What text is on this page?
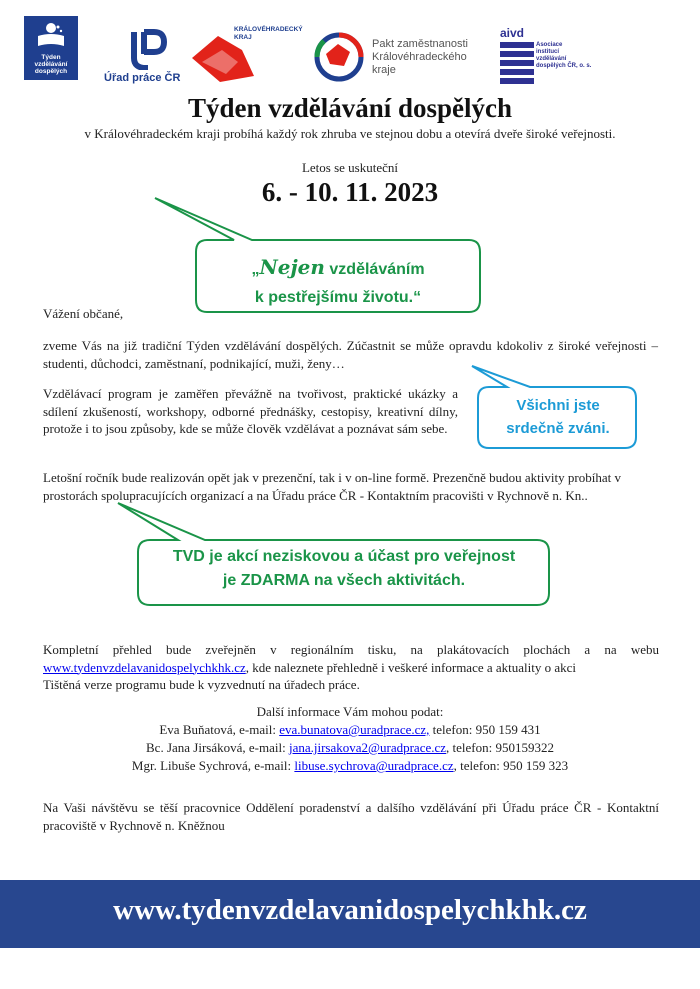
Týden
vzdělávání
dospělých
Úřad práce ČR
KRÁLOVÉHRADECKÝ
KRAJ
Pakt zaměstnanosti
Královéhradeckého
kraje
aivd
Asociace
institucí
vzdělávání
dospělých ČR, o. s.
Týden vzdělávání dospělých
v Královéhradeckém kraji probíhá každý rok zhruba ve stejnou dobu a otevírá dveře široké veřejnosti.
Letos se uskuteční
6. - 10. 11. 2023
„Nejen vzděláváním
k pestřejšímu životu.“
Všichni jste
srdečně zváni.
TVD je akcí neziskovou a účast pro veřejnost
je ZDARMA na všech aktivitách.
Vážení občané,
zveme Vás na již tradiční Týden vzdělávání dospělých. Zúčastnit se může opravdu kdokoliv z široké veřejnosti – studenti, důchodci, zaměstnaní, podnikající, muži, ženy…
Vzdělávací program je zaměřen převážně na tvořivost, praktické ukázky a sdílení zkušeností, workshopy, odborné přednášky, cestopisy, kreativní dílny, protože i to jsou způsoby, kde se může člověk vzdělávat a poznávat sám sebe.
Letošní ročník bude realizován opět jak v prezenční, tak i v on-line formě. Prezenčně budou aktivity probíhat v prostorách spolupracujících organizací a na Úřadu práce ČR - Kontaktním pracovišti v Rychnově n. Kn..
Kompletní přehled bude zveřejněn v regionálním tisku, na plakátovacích plochách a na webu www.tydenvzdelavanidospelychkhk.cz, kde naleznete přehledně i veškeré informace a aktuality o akci
Tištěná verze programu bude k vyzvednutí na úřadech práce.
Další informace Vám mohou podat:
Eva Buňatová, e-mail: eva.bunatova@uradprace.cz, telefon: 950 159 431
Bc. Jana Jirsáková, e-mail: jana.jirsakova2@uradprace.cz, telefon: 950159322
Mgr. Libuše Sychrová, e-mail: libuse.sychrova@uradprace.cz, telefon: 950 159 323
Na Vaši návštěvu se těší pracovnice Oddělení poradenství a dalšího vzdělávání při Úřadu práce ČR - Kontaktní pracoviště v Rychnově n. Kněžnou
www.tydenvzdelavanidospelychkhk.cz
